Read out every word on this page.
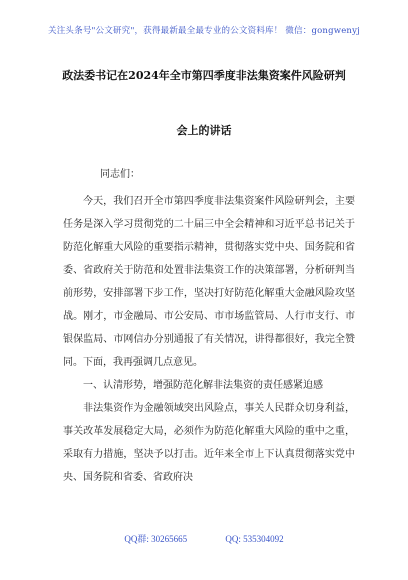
关注头条号"公文研究"，获得最新最全最专业的公文资料库！ 微信：gongwenyj
政法委书记在2024年全市第四季度非法集资案件风险研判
会上的讲话
同志们：

今天，我们召开全市第四季度非法集资案件风险研判会，主要任务是深入学习贯彻党的二十届三中全会精神和习近平总书记关于防范化解重大风险的重要指示精神，贯彻落实党中央、国务院和省委、省政府关于防范和处置非法集资工作的决策部署，分析研判当前形势，安排部署下步工作，坚决打好防范化解重大金融风险攻坚战。刚才，市金融局、市公安局、市市场监管局、人行市支行、市银保监局、市网信办分别通报了有关情况，讲得都很好，我完全赞同。下面，我再强调几点意见。

一、认清形势，增强防范化解非法集资的责任感紧迫感

非法集资作为金融领域突出风险点，事关人民群众切身利益，事关改革发展稳定大局，必须作为防范化解重大风险的重中之重，采取有力措施，坚决予以打击。近年来全市上下认真贯彻落实党中央、国务院和省委、省政府决

QQ群: 30265665	QQ: 535304092
